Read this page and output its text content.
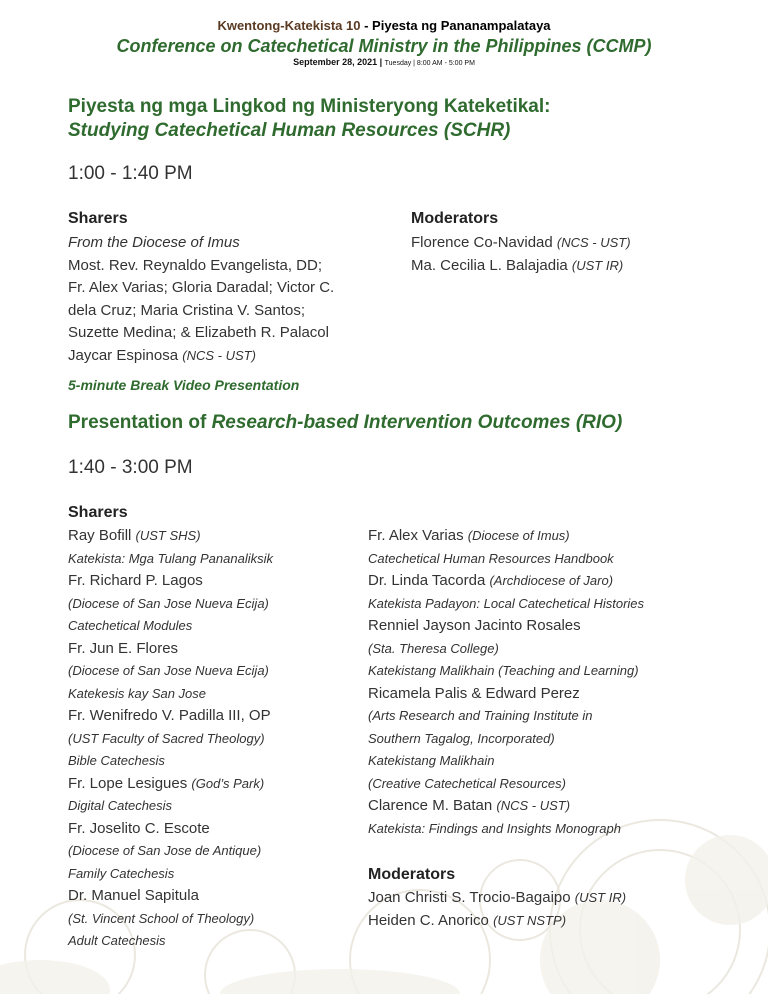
Kwentong-Katekista 10 - Piyesta ng Pananampalataya
Conference on Catechetical Ministry in the Philippines (CCMP)
September 28, 2021 | Tuesday | 8:00 AM - 5:00 PM
Piyesta ng mga Lingkod ng Ministeryong Kateketikal:
Studying Catechetical Human Resources (SCHR)
1:00 - 1:40 PM
Sharers
From the Diocese of Imus
Most. Rev. Reynaldo Evangelista, DD;
Fr. Alex Varias; Gloria Daradal; Victor C.
dela Cruz; Maria Cristina V. Santos;
Suzette Medina; & Elizabeth R. Palacol
Jaycar Espinosa (NCS - UST)
Moderators
Florence Co-Navidad (NCS - UST)
Ma. Cecilia L. Balajadia (UST IR)
5-minute Break Video Presentation
Presentation of Research-based Intervention Outcomes (RIO)
1:40 - 3:00 PM
Sharers
Ray Bofill (UST SHS)
Katekista: Mga Tulang Pananaliksik
Fr. Richard P. Lagos
(Diocese of San Jose Nueva Ecija)
Catechetical Modules
Fr. Jun E. Flores
(Diocese of San Jose Nueva Ecija)
Katekesis kay San Jose
Fr. Wenifredo V. Padilla III, OP
(UST Faculty of Sacred Theology)
Bible Catechesis
Fr. Lope Lesigues (God’s Park)
Digital Catechesis
Fr. Joselito C. Escote
(Diocese of San Jose de Antique)
Family Catechesis
Dr. Manuel Sapitula
(St. Vincent School of Theology)
Adult Catechesis
Fr. Alex Varias (Diocese of Imus)
Catechetical Human Resources Handbook
Dr. Linda Tacorda (Archdiocese of Jaro)
Katekista Padayon: Local Catechetical Histories
Renniel Jayson Jacinto Rosales
(Sta. Theresa College)
Katekistang Malikhain (Teaching and Learning)
Ricamela Palis & Edward Perez
(Arts Research and Training Institute in
Southern Tagalog, Incorporated)
Katekistang Malikhain
(Creative Catechetical Resources)
Clarence M. Batan (NCS - UST)
Katekista: Findings and Insights Monograph
Moderators
Joan Christi S. Trocio-Bagaipo (UST IR)
Heiden C. Anorico (UST NSTP)
